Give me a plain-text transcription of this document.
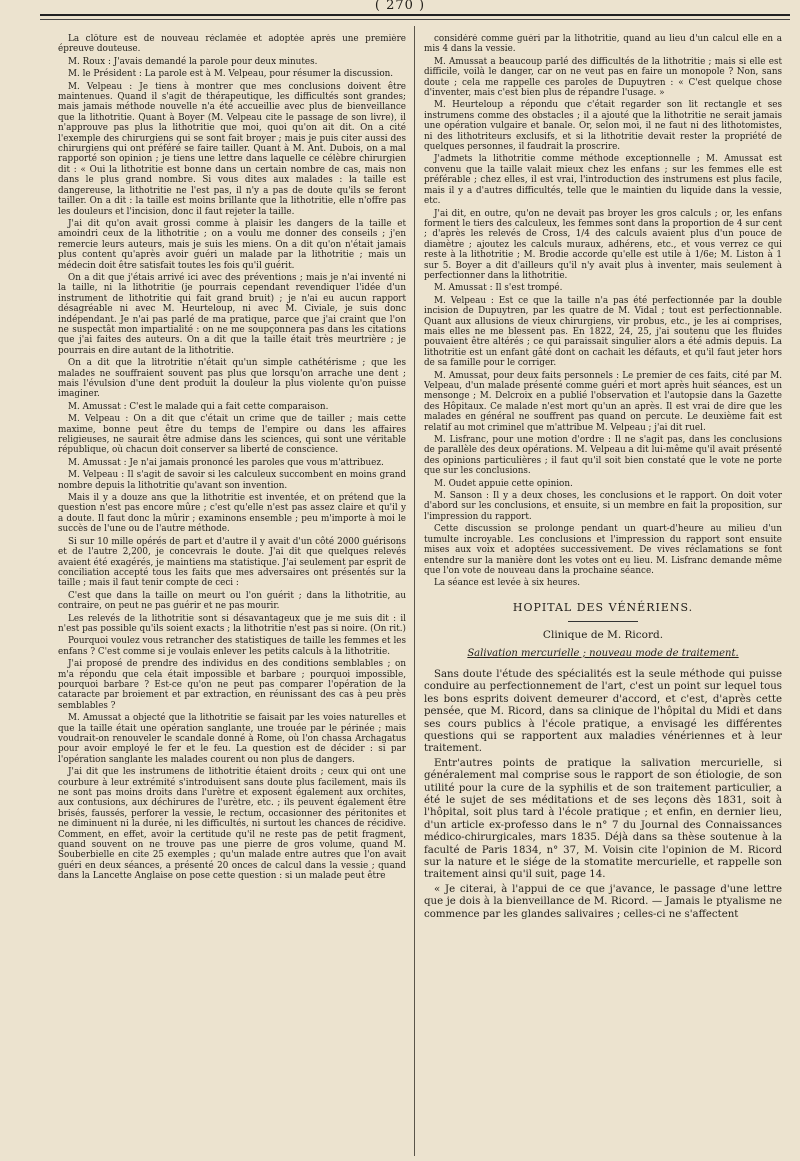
( 270 )

La clôture est de nouveau réclamée et adoptée après une première épreuve douteuse.

M. Roux : J'avais demandé la parole pour deux minutes.

M. le Président : La parole est à M. Velpeau, pour résumer la discussion.

M. Velpeau : Je tiens à montrer que mes conclusions doivent être maintenues. Quand il s'agit de thérapeutique, les difficultés sont grandes; mais jamais méthode nouvelle n'a été accueillie avec plus de bienveillance que la lithotritie. Quant à Boyer (M. Velpeau cite le passage de son livre), il n'approuve pas plus la lithotritie que moi, quoi qu'on ait dit. On a cité l'exemple des chirurgiens qui se sont fait broyer ; mais je puis citer aussi des chirurgiens qui ont préféré se faire tailler. Quant à M. Ant. Dubois, on a mal rapporté son opinion ; je tiens une lettre dans laquelle ce célèbre chirurgien dit : « Oui la lithotritie est bonne dans un certain nombre de cas, mais non dans le plus grand nombre. Si vous dites aux malades : la taille est dangereuse, la lithotritie ne l'est pas, il n'y a pas de doute qu'ils se feront tailler. On a dit : la taille est moins brillante que la lithotritie, elle n'offre pas les douleurs et l'incision, donc il faut rejeter la taille.

J'ai dit qu'on avait grossi comme à plaisir les dangers de la taille et amoindri ceux de la lithotritie ; on a voulu me donner des conseils ; j'en remercie leurs auteurs, mais je suis les miens. On a dit qu'on n'était jamais plus content qu'après avoir guéri un malade par la lithotritie ; mais un médecin doit être satisfait toutes les fois qu'il guérit.

On a dit que j'étais arrivé ici avec des préventions ; mais je n'ai inventé ni la taille, ni la lithotritie (je pourrais cependant revendiquer l'idée d'un instrument de lithotritie qui fait grand bruit) ; je n'ai eu aucun rapport désagréable ni avec M. Heurteloup, ni avec M. Civiale, je suis donc indépendant. Je n'ai pas parlé de ma pratique, parce que j'ai craint que l'on ne suspectât mon impartialité : on ne me soupçonnera pas dans les citations que j'ai faites des auteurs. On a dit que la taille était très meurtrière ; je pourrais en dire autant de la lithotritie.

On a dit que la litrotritie n'était qu'un simple cathétérisme ; que les malades ne souffraient souvent pas plus que lorsqu'on arrache une dent ; mais l'évulsion d'une dent produit la douleur la plus violente qu'on puisse imaginer.

M. Amussat : C'est le malade qui a fait cette comparaison.

M. Velpeau : On a dit que c'était un crime que de tailler ; mais cette maxime, bonne peut être du temps de l'empire ou dans les affaires religieuses, ne saurait être admise dans les sciences, qui sont une véritable république, où chacun doit conserver sa liberté de conscience.

M. Amussat : Je n'ai jamais prononcé les paroles que vous m'attribuez.

M. Velpeau : Il s'agit de savoir si les calculeux succombent en moins grand nombre depuis la lithotritie qu'avant son invention.

Mais il y a douze ans que la lithotritie est inventée, et on prétend que la question n'est pas encore mûre ; c'est qu'elle n'est pas assez claire et qu'il y a doute. Il faut donc la mûrir ; examinons ensemble ; peu m'importe à moi le succès de l'une ou de l'autre méthode.

Si sur 10 mille opérés de part et d'autre il y avait d'un côté 2000 guérisons et de l'autre 2,200, je concevrais le doute. J'ai dit que quelques relevés avaient été exagérés, je maintiens ma statistique. J'ai seulement par esprit de conciliation accepté tous les faits que mes adversaires ont présentés sur la taille ; mais il faut tenir compte de ceci :

C'est que dans la taille on meurt ou l'on guérit ; dans la lithotritie, au contraire, on peut ne pas guérir et ne pas mourir.

Les relevés de la lithotritie sont si désavantageux que je me suis dit : il n'est pas possible qu'ils soient exacts ; la lithotritie n'est pas si noire. (On rit.)

Pourquoi voulez vous retrancher des statistiques de taille les femmes et les enfans ? C'est comme si je voulais enlever les petits calculs à la lithotritie.

J'ai proposé de prendre des individus en des conditions semblables ; on m'a répondu que cela était impossible et barbare ; pourquoi impossible, pourquoi barbare ? Est-ce qu'on ne peut pas comparer l'opération de la cataracte par broiement et par extraction, en réunissant des cas à peu près semblables ?

M. Amussat a objecté que la lithotritie se faisait par les voies naturelles et que la taille était une opération sanglante, une trouée par le périnée ; mais voudrait-on renouveler le scandale donné à Rome, où l'on chassa Archagatus pour avoir employé le fer et le feu. La question est de décider : si par l'opération sanglante les malades courent ou non plus de dangers.

J'ai dit que les instrumens de lithotritie étaient droits ; ceux qui ont une courbure à leur extrémité s'introduisent sans doute plus facilement, mais ils ne sont pas moins droits dans l'urètre et exposent également aux orchites, aux contusions, aux déchirures de l'urètre, etc. ; ils peuvent également être brisés, faussés, perforer la vessie, le rectum, occasionner des péritonites et ne diminuent ni la durée, ni les difficultés, ni surtout les chances de récidive. Comment, en effet, avoir la certitude qu'il ne reste pas de petit fragment, quand souvent on ne trouve pas une pierre de gros volume, quand M. Souberbielle en cite 25 exemples ; qu'un malade entre autres que l'on avait guéri en deux séances, a présenté 20 onces de calcul dans la vessie ; quand dans la Lancette Anglaise on pose cette question : si un malade peut être

considéré comme guéri par la lithotritie, quand au lieu d'un calcul elle en a mis 4 dans la vessie.

M. Amussat a beaucoup parlé des difficultés de la lithotritie ; mais si elle est difficile, voilà le danger, car on ne veut pas en faire un monopole ? Non, sans doute ; cela me rappelle ces paroles de Dupuytren : « C'est quelque chose d'inventer, mais c'est bien plus de répandre l'usage. »

M. Heurteloup a répondu que c'était regarder son lit rectangle et ses instrumens comme des obstacles ; il a ajouté que la lithotritie ne serait jamais une opération vulgaire et banale. Or, selon moi, il ne faut ni des lithotomistes, ni des lithotriteurs exclusifs, et si la lithotritie devait rester la propriété de quelques personnes, il faudrait la proscrire.

J'admets la lithotritie comme méthode exceptionnelle ; M. Amussat est convenu que la taille valait mieux chez les enfans ; sur les femmes elle est préférable ; chez elles, il est vrai, l'introduction des instrumens est plus facile, mais il y a d'autres difficultés, telle que le maintien du liquide dans la vessie, etc.

J'ai dit, en outre, qu'on ne devait pas broyer les gros calculs ; or, les enfans forment le tiers des calculeux, les femmes sont dans la proportion de 4 sur cent ; d'après les relevés de Cross, 1/4 des calculs avaient plus d'un pouce de diamètre ; ajoutez les calculs muraux, adhérens, etc., et vous verrez ce qui reste à la lithotritie ; M. Brodie accorde qu'elle est utile à 1/6e; M. Liston à 1 sur 5. Boyer a dit d'ailleurs qu'il n'y avait plus à inventer, mais seulement à perfectionner dans la lithotritie.

M. Amussat : Il s'est trompé.

M. Velpeau : Est ce que la taille n'a pas été perfectionnée par la double incision de Dupuytren, par les quatre de M. Vidal ; tout est perfectionnable. Quant aux allusions de vieux chirurgiens, vir probus, etc., je les ai comprises, mais elles ne me blessent pas. En 1822, 24, 25, j'ai soutenu que les fluides pouvaient être altérés ; ce qui paraissait singulier alors a été admis depuis. La lithotritie est un enfant gâté dont on cachait les défauts, et qu'il faut jeter hors de sa famille pour le corriger.

M. Amussat, pour deux faits personnels : Le premier de ces faits, cité par M. Velpeau, d'un malade présenté comme guéri et mort après huit séances, est un mensonge ; M. Delcroix en a publié l'observation et l'autopsie dans la Gazette des Hôpitaux. Ce malade n'est mort qu'un an après. Il est vrai de dire que les malades en général ne souffrent pas quand on percute. Le deuxième fait est relatif au mot criminel que m'attribue M. Velpeau ; j'ai dit ruel.

M. Lisfranc, pour une motion d'ordre : Il ne s'agit pas, dans les conclusions de parallèle des deux opérations. M. Velpeau a dit lui-même qu'il avait présenté des opinions particulières ; il faut qu'il soit bien constaté que le vote ne porte que sur les conclusions.

M. Oudet appuie cette opinion.

M. Sanson : Il y a deux choses, les conclusions et le rapport. On doit voter d'abord sur les conclusions, et ensuite, si un membre en fait la proposition, sur l'impression du rapport.

Cette discussion se prolonge pendant un quart-d'heure au milieu d'un tumulte incroyable. Les conclusions et l'impression du rapport sont ensuite mises aux voix et adoptées successivement. De vives réclamations se font entendre sur la manière dont les votes ont eu lieu. M. Lisfranc demande même que l'on vote de nouveau dans la prochaine séance.

La séance est levée à six heures.

HOPITAL DES VÉNÉRIENS.
Clinique de M. Ricord.
Salivation mercurielle ; nouveau mode de traitement.

Sans doute l'étude des spécialités est la seule méthode qui puisse conduire au perfectionnement de l'art, c'est un point sur lequel tous les bons esprits doivent demeurer d'accord, et c'est, d'après cette pensée, que M. Ricord, dans sa clinique de l'hôpital du Midi et dans ses cours publics à l'école pratique, a envisagé les différentes questions qui se rapportent aux maladies vénériennes et à leur traitement.

Entr'autres points de pratique la salivation mercurielle, si généralement mal comprise sous le rapport de son étiologie, de son utilité pour la cure de la syphilis et de son traitement particulier, a été le sujet de ses méditations et de ses leçons dès 1831, soit à l'hôpital, soit plus tard à l'école pratique ; et enfin, en dernier lieu, d'un article ex-professo dans le n° 7 du Journal des Connaissances médico-chirurgicales, mars 1835. Déjà dans sa thèse soutenue à la faculté de Paris 1834, n° 37, M. Voisin cite l'opinion de M. Ricord sur la nature et le siége de la stomatite mercurielle, et rappelle son traitement ainsi qu'il suit, page 14.

« Je citerai, à l'appui de ce que j'avance, le passage d'une lettre que je dois à la bienveillance de M. Ricord. — Jamais le ptyalisme ne commence par les glandes salivaires ; celles-ci ne s'affectent
